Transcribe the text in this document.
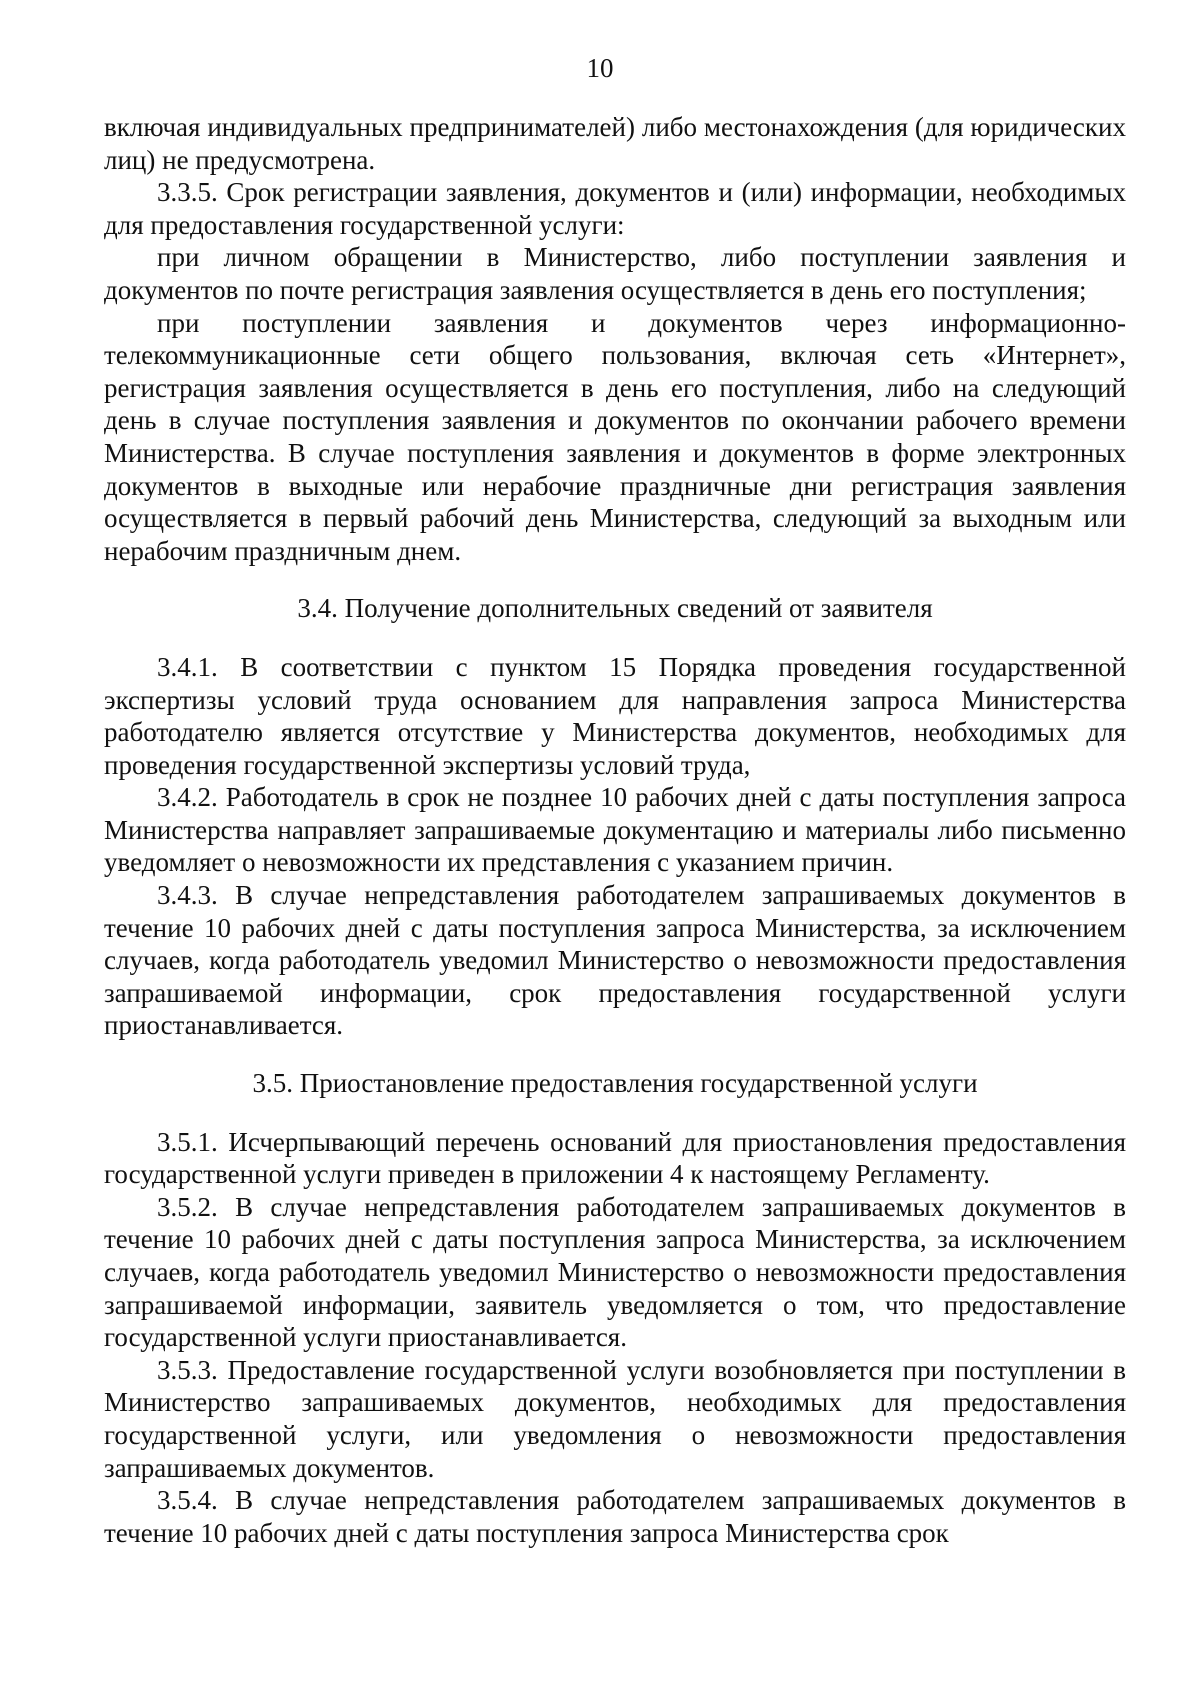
10

включая индивидуальных предпринимателей) либо местонахождения (для юридических лиц) не предусмотрена.

3.3.5. Срок регистрации заявления, документов и (или) информации, необходимых для предоставления государственной услуги:

при личном обращении в Министерство, либо поступлении заявления и документов по почте регистрация заявления осуществляется в день его поступления;

при поступлении заявления и документов через информационно-телекоммуникационные сети общего пользования, включая сеть «Интернет», регистрация заявления осуществляется в день его поступления, либо на следующий день в случае поступления заявления и документов по окончании рабочего времени Министерства. В случае поступления заявления и документов в форме электронных документов в выходные или нерабочие праздничные дни регистрация заявления осуществляется в первый рабочий день Министерства, следующий за выходным или нерабочим праздничным днем.

3.4. Получение дополнительных сведений от заявителя

3.4.1. В соответствии с пунктом 15 Порядка проведения государственной экспертизы условий труда основанием для направления запроса Министерства работодателю является отсутствие у Министерства документов, необходимых для проведения государственной экспертизы условий труда,

3.4.2. Работодатель в срок не позднее 10 рабочих дней с даты поступления запроса Министерства направляет запрашиваемые документацию и материалы либо письменно уведомляет о невозможности их представления с указанием причин.

3.4.3. В случае непредставления работодателем запрашиваемых документов в течение 10 рабочих дней с даты поступления запроса Министерства, за исключением случаев, когда работодатель уведомил Министерство о невозможности предоставления запрашиваемой информации, срок предоставления государственной услуги приостанавливается.

3.5. Приостановление предоставления государственной услуги

3.5.1. Исчерпывающий перечень оснований для приостановления предоставления государственной услуги приведен в приложении 4 к настоящему Регламенту.

3.5.2. В случае непредставления работодателем запрашиваемых документов в течение 10 рабочих дней с даты поступления запроса Министерства, за исключением случаев, когда работодатель уведомил Министерство о невозможности предоставления запрашиваемой информации, заявитель уведомляется о том, что предоставление государственной услуги приостанавливается.

3.5.3. Предоставление государственной услуги возобновляется при поступлении в Министерство запрашиваемых документов, необходимых для предоставления государственной услуги, или уведомления о невозможности предоставления запрашиваемых документов.

3.5.4. В случае непредставления работодателем запрашиваемых документов в течение 10 рабочих дней с даты поступления запроса Министерства срок
